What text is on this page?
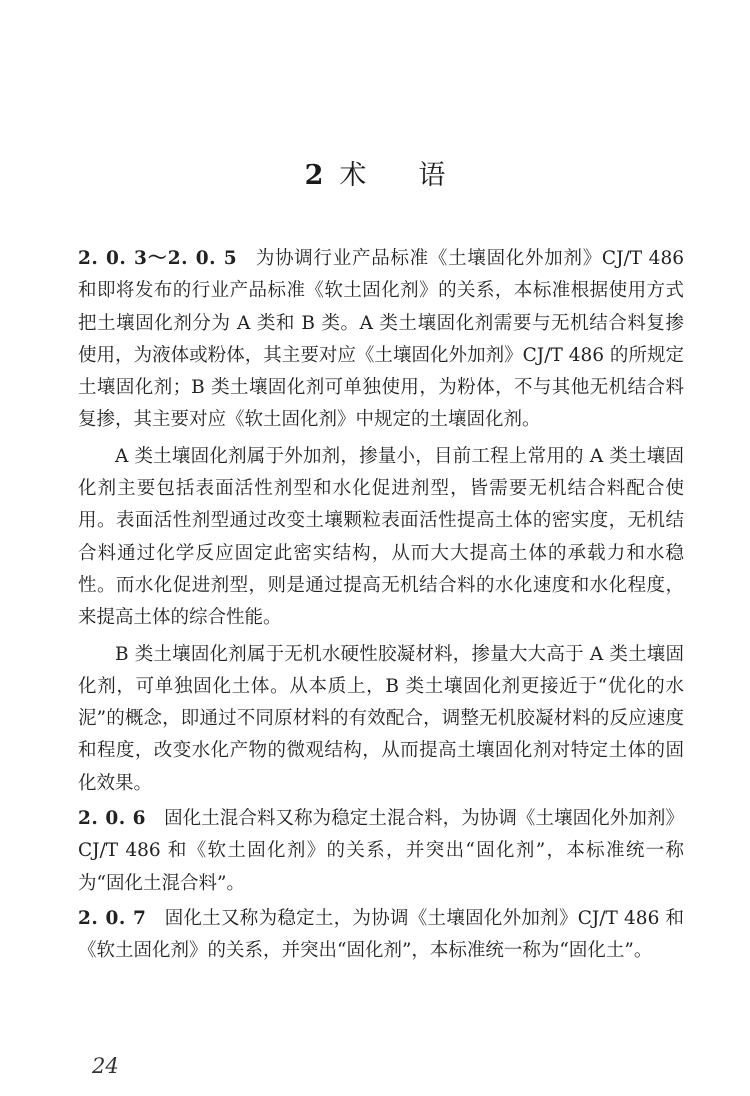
2 术 语

2. 0. 3～2. 0. 5 为协调行业产品标准《土壤固化外加剂》CJ/T 486 和即将发布的行业产品标准《软土固化剂》的关系，本标准根据使用方式把土壤固化剂分为 A 类和 B 类。A 类土壤固化剂需要与无机结合料复掺使用，为液体或粉体，其主要对应《土壤固化外加剂》CJ/T 486 的所规定土壤固化剂；B 类土壤固化剂可单独使用，为粉体，不与其他无机结合料复掺，其主要对应《软土固化剂》中规定的土壤固化剂。

A 类土壤固化剂属于外加剂，掺量小，目前工程上常用的 A 类土壤固化剂主要包括表面活性剂型和水化促进剂型，皆需要无机结合料配合使用。表面活性剂型通过改变土壤颗粒表面活性提高土体的密实度，无机结合料通过化学反应固定此密实结构，从而大大提高土体的承载力和水稳性。而水化促进剂型，则是通过提高无机结合料的水化速度和水化程度，来提高土体的综合性能。

B 类土壤固化剂属于无机水硬性胶凝材料，掺量大大高于 A 类土壤固化剂，可单独固化土体。从本质上，B 类土壤固化剂更接近于“优化的水泥”的概念，即通过不同原材料的有效配合，调整无机胶凝材料的反应速度和程度，改变水化产物的微观结构，从而提高土壤固化剂对特定土体的固化效果。

2. 0. 6 固化土混合料又称为稳定土混合料，为协调《土壤固化外加剂》CJ/T 486 和《软土固化剂》的关系，并突出“固化剂”，本标准统一称为“固化土混合料”。

2. 0. 7 固化土又称为稳定土，为协调《土壤固化外加剂》CJ/T 486 和《软土固化剂》的关系，并突出“固化剂”，本标准统一称为“固化土”。

24
